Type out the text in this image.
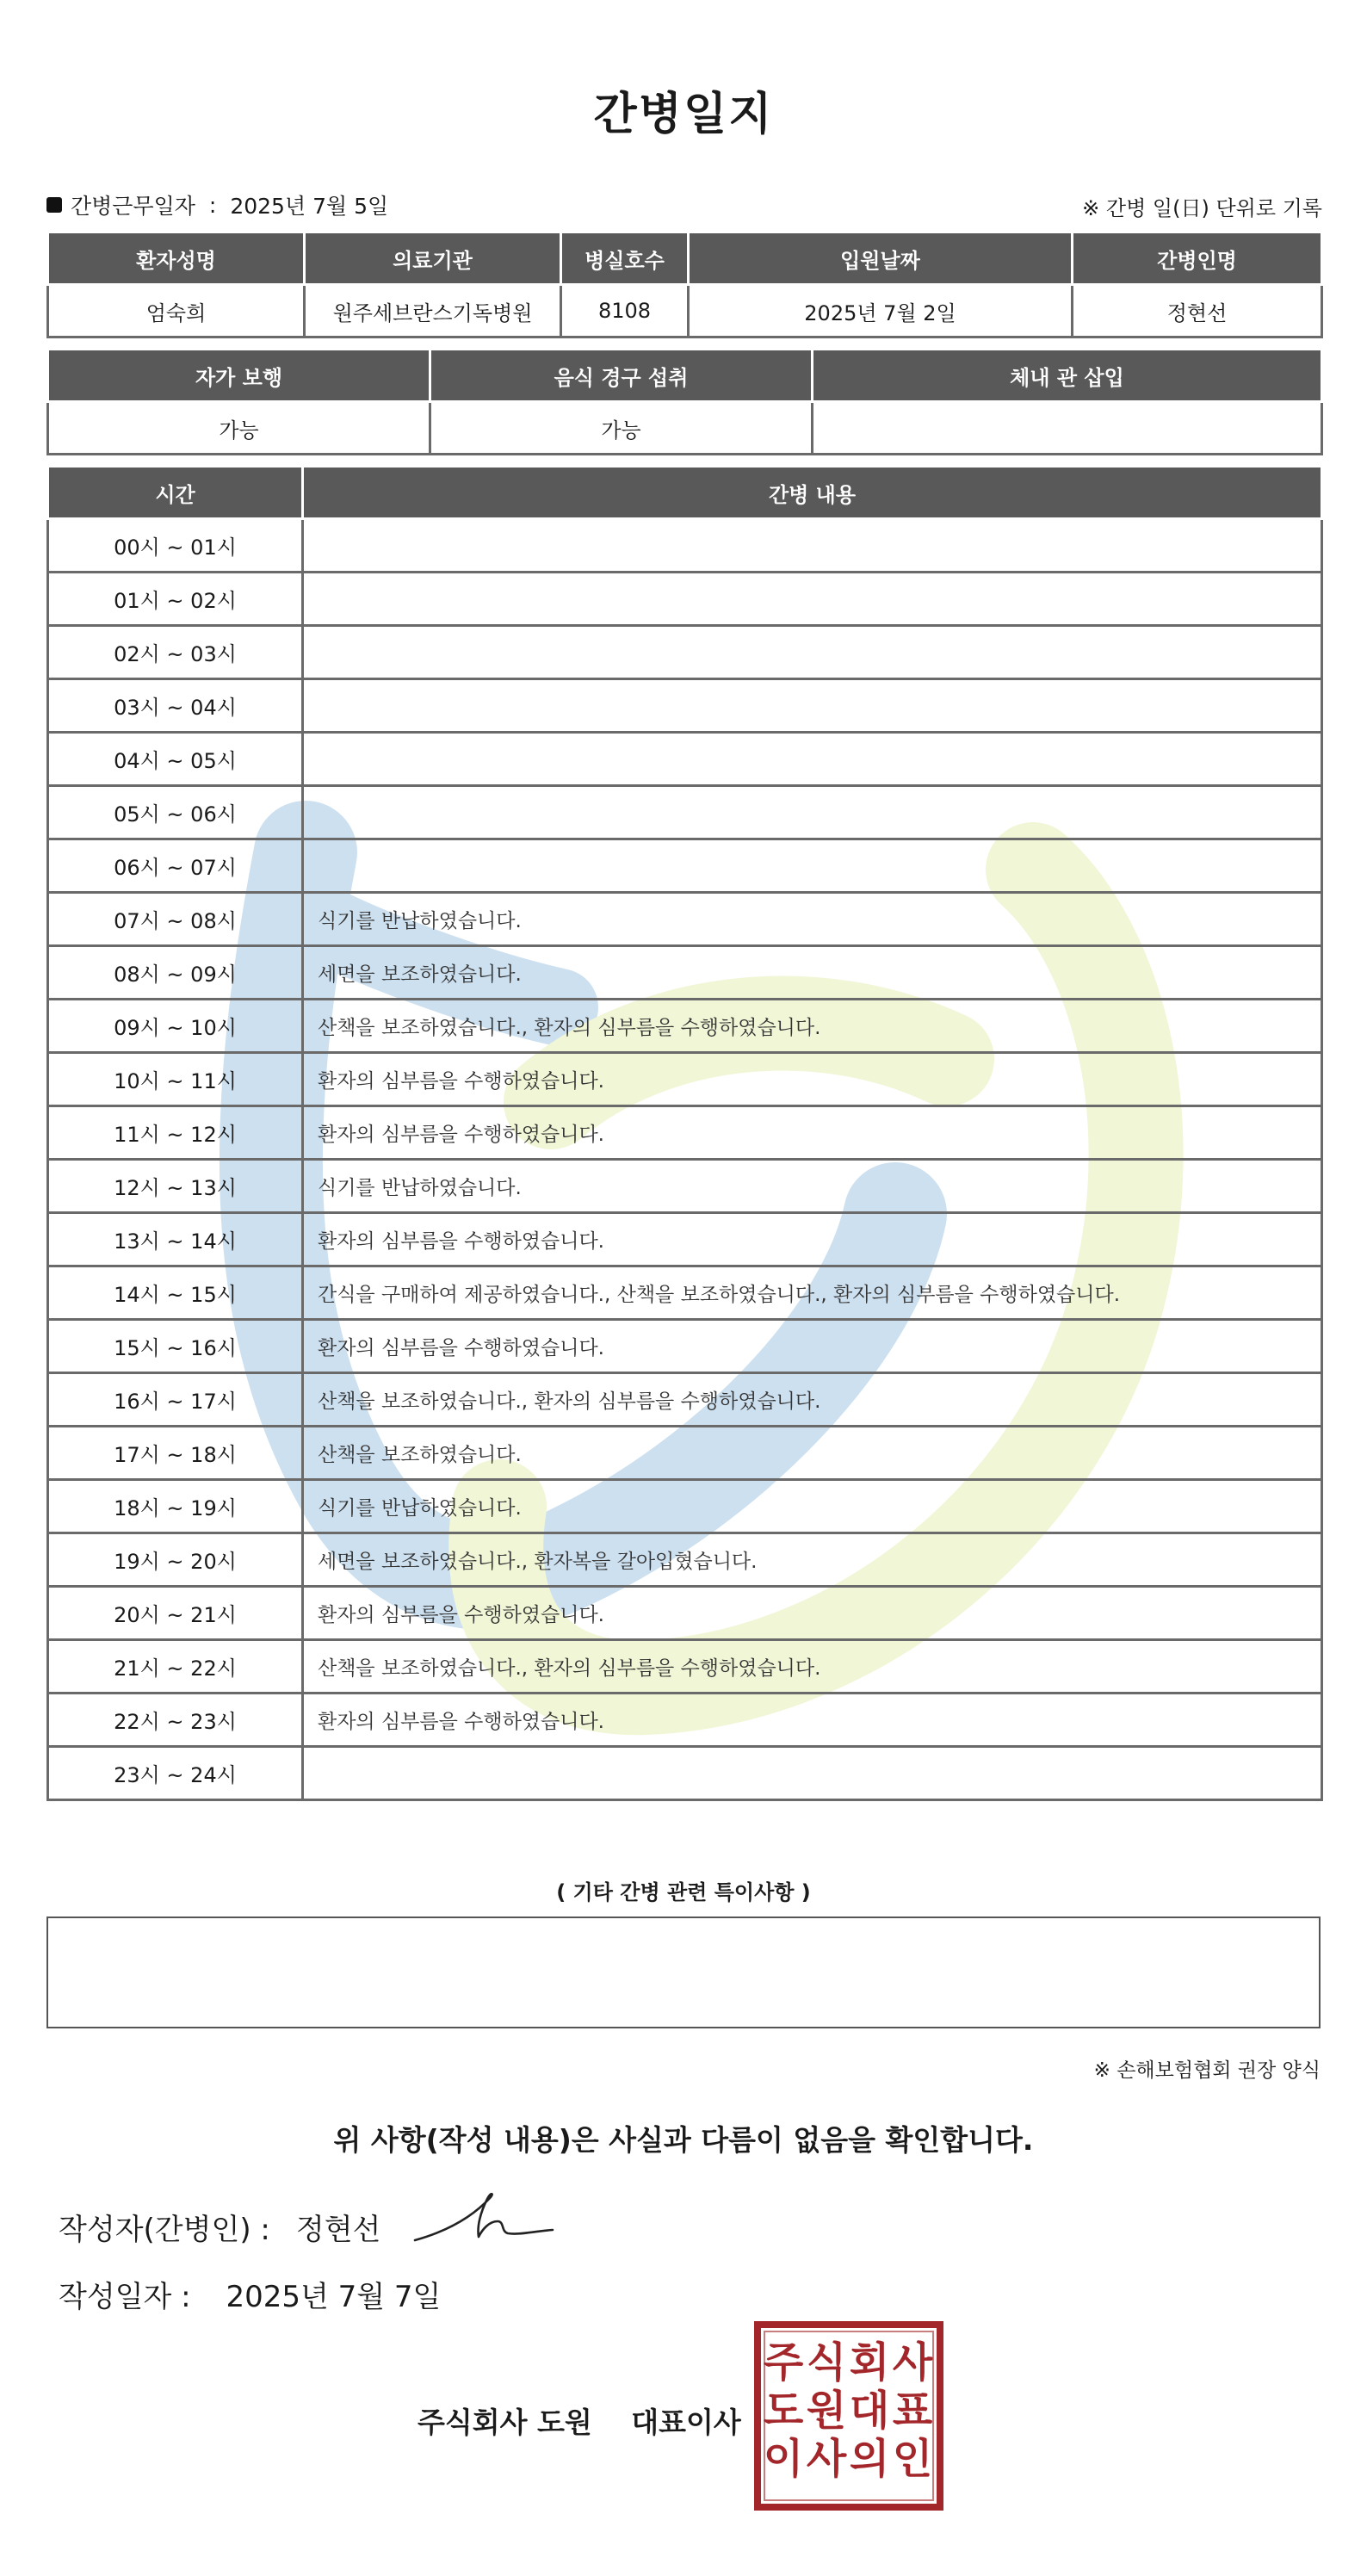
간병일지
간병근무일자 : 2025년 7월 5일	※ 간병 일(日) 단위로 기록
환자성명	의료기관	병실호수	입원날짜	간병인명
엄숙희	원주세브란스기독병원	8108	2025년 7월 2일	정현선
자가 보행	음식 경구 섭취	체내 관 삽입
가능	가능	
시간	간병 내용
00시 ~ 01시	
01시 ~ 02시	
02시 ~ 03시	
03시 ~ 04시	
04시 ~ 05시	
05시 ~ 06시	
06시 ~ 07시	
07시 ~ 08시	식기를 반납하였습니다.
08시 ~ 09시	세면을 보조하였습니다.
09시 ~ 10시	산책을 보조하였습니다., 환자의 심부름을 수행하였습니다.
10시 ~ 11시	환자의 심부름을 수행하였습니다.
11시 ~ 12시	환자의 심부름을 수행하였습니다.
12시 ~ 13시	식기를 반납하였습니다.
13시 ~ 14시	환자의 심부름을 수행하였습니다.
14시 ~ 15시	간식을 구매하여 제공하였습니다., 산책을 보조하였습니다., 환자의 심부름을 수행하였습니다.
15시 ~ 16시	환자의 심부름을 수행하였습니다.
16시 ~ 17시	산책을 보조하였습니다., 환자의 심부름을 수행하였습니다.
17시 ~ 18시	산책을 보조하였습니다.
18시 ~ 19시	식기를 반납하였습니다.
19시 ~ 20시	세면을 보조하였습니다., 환자복을 갈아입혔습니다.
20시 ~ 21시	환자의 심부름을 수행하였습니다.
21시 ~ 22시	산책을 보조하였습니다., 환자의 심부름을 수행하였습니다.
22시 ~ 23시	환자의 심부름을 수행하였습니다.
23시 ~ 24시	
( 기타 간병 관련 특이사항 )
※ 손해보험협회 권장 양식
위 사항(작성 내용)은 사실과 다름이 없음을 확인합니다.
작성자(간병인) : 정현선
작성일자 : 2025년 7월 7일
주식회사 도원 대표이사
주 식 회 사
도 원 대 표
이 사 의 인
